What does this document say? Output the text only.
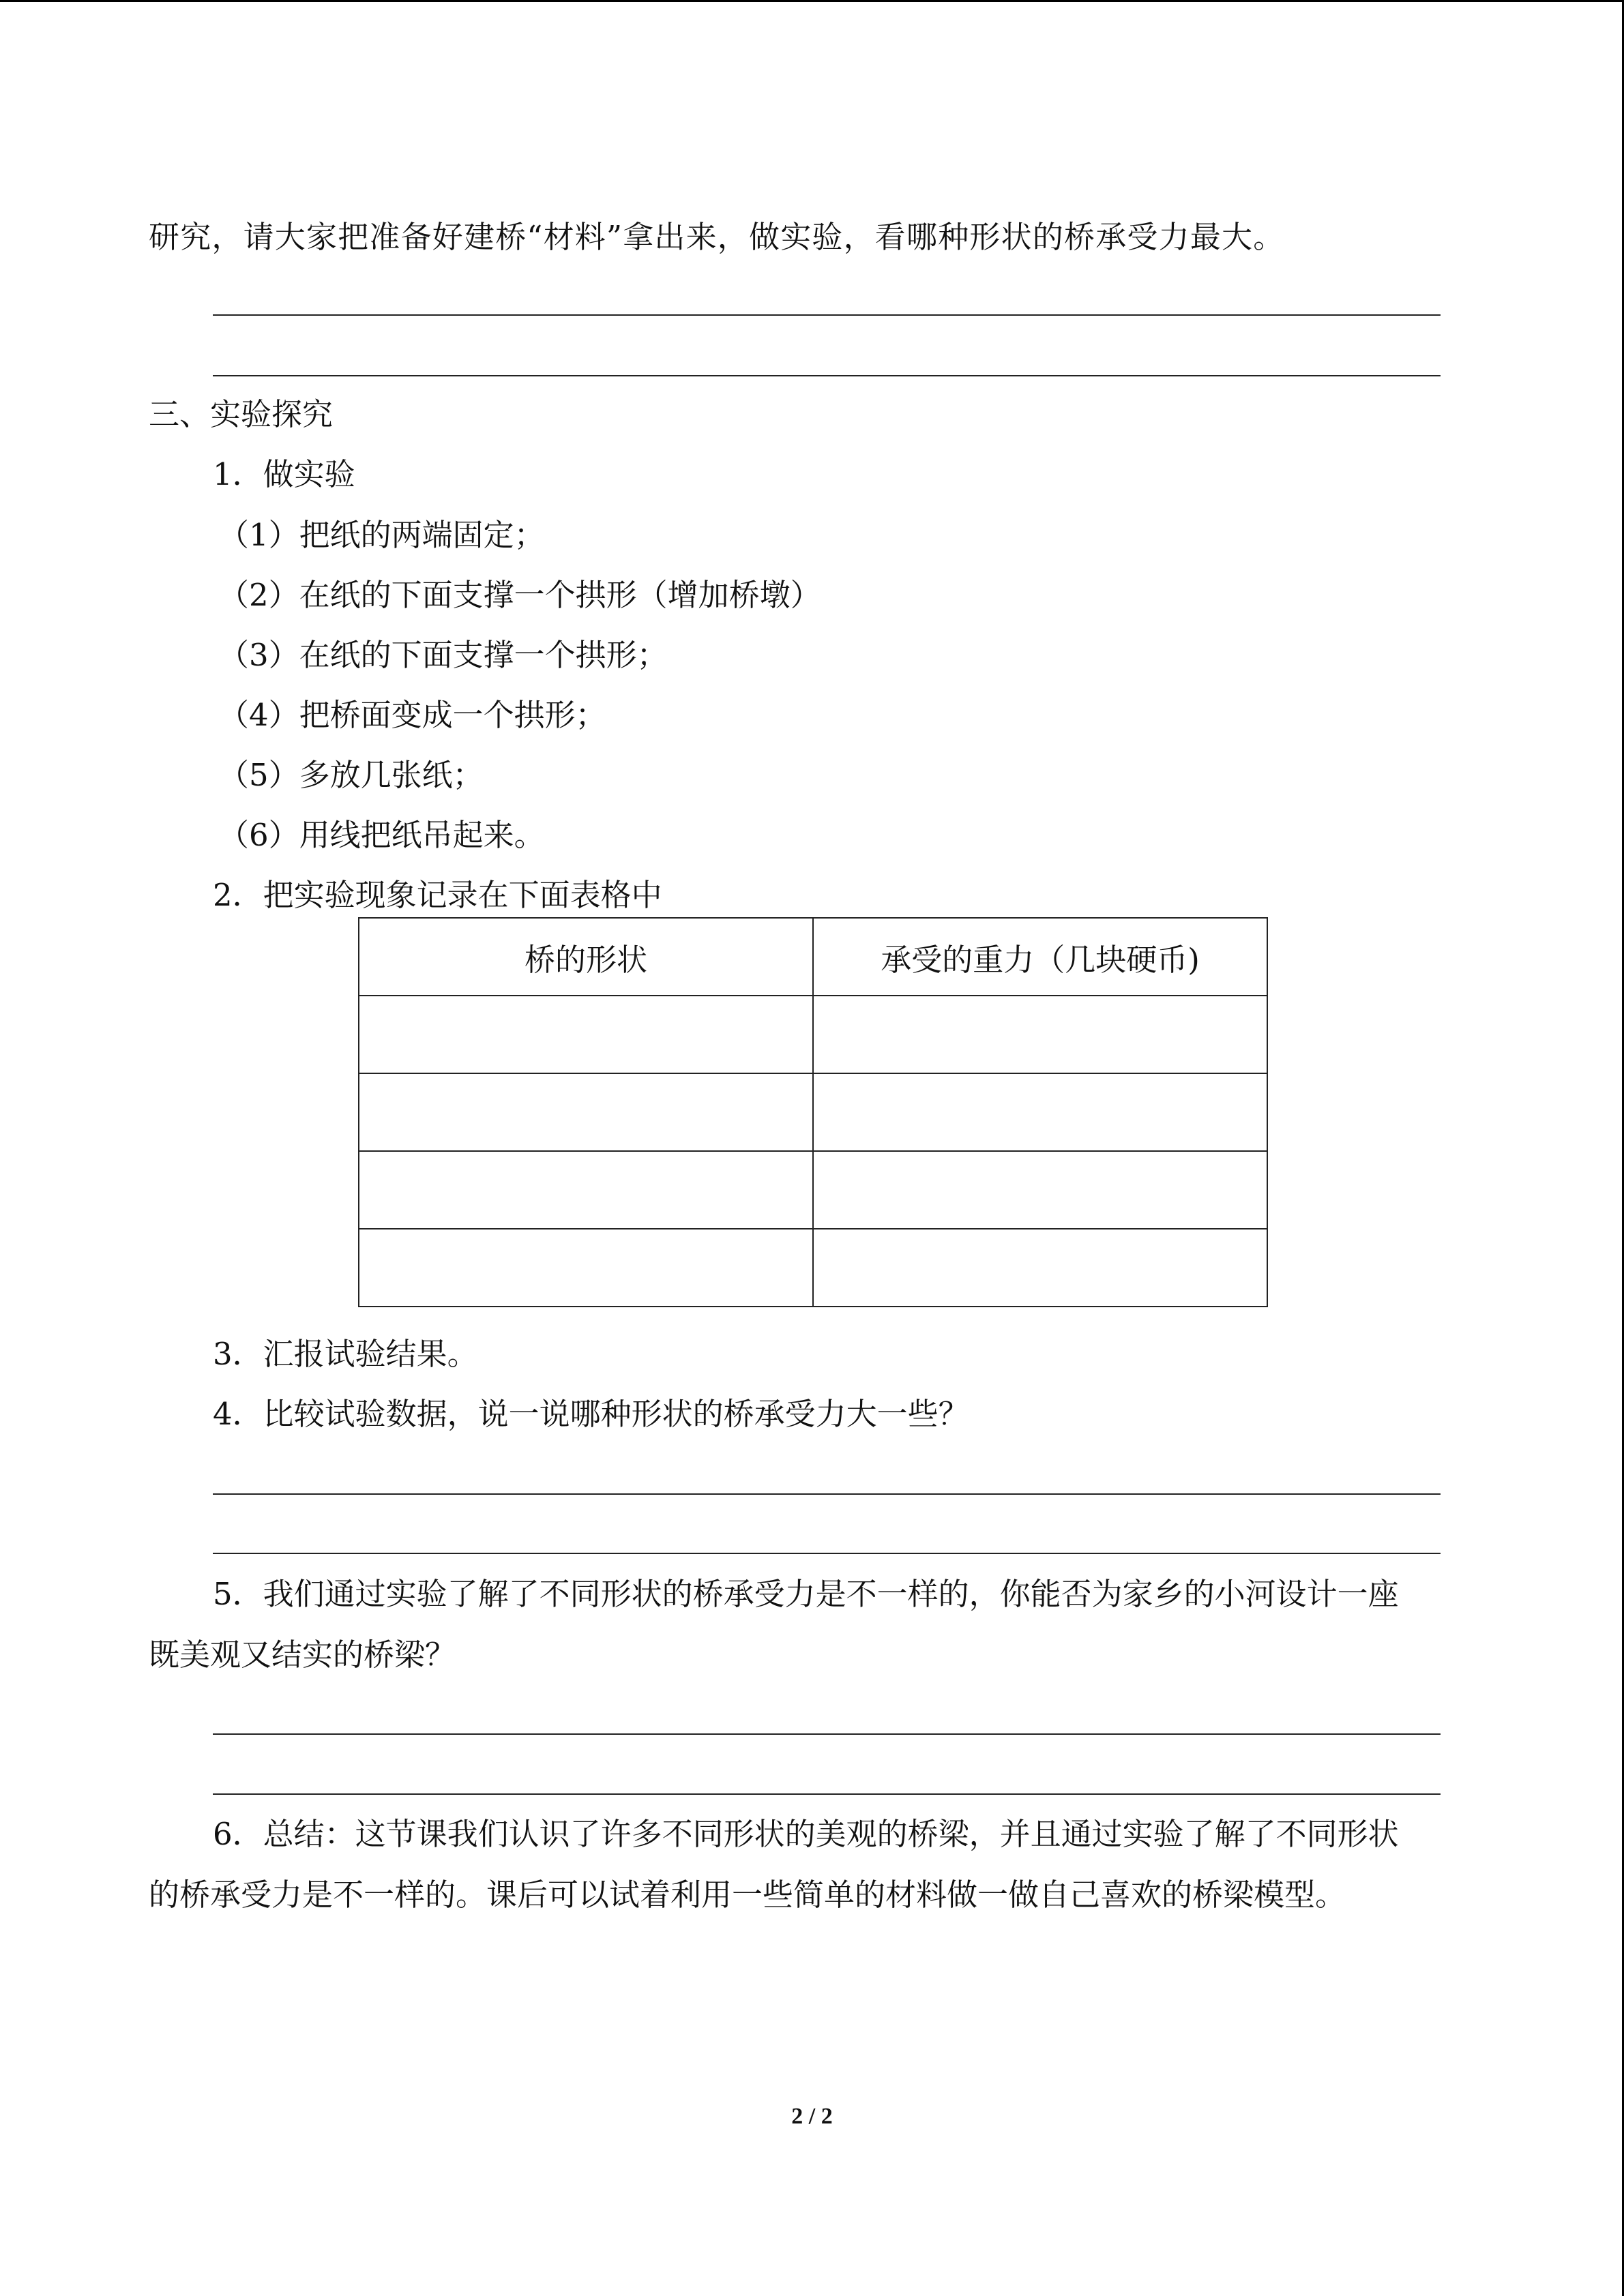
研究，请大家把准备好建桥“材料”拿出来，做实验，看哪种形状的桥承受力最大。
三、实验探究
1．做实验
（1）把纸的两端固定；
（2）在纸的下面支撑一个拱形（增加桥墩）
（3）在纸的下面支撑一个拱形；
（4）把桥面变成一个拱形；
（5）多放几张纸；
（6）用线把纸吊起来。
2．把实验现象记录在下面表格中
桥的形状	承受的重力（几块硬币)

3．汇报试验结果。
4．比较试验数据，说一说哪种形状的桥承受力大一些？
5．我们通过实验了解了不同形状的桥承受力是不一样的，你能否为家乡的小河设计一座
既美观又结实的桥梁？
6．总结：这节课我们认识了许多不同形状的美观的桥梁，并且通过实验了解了不同形状
的桥承受力是不一样的。课后可以试着利用一些简单的材料做一做自己喜欢的桥梁模型。
2 / 2
